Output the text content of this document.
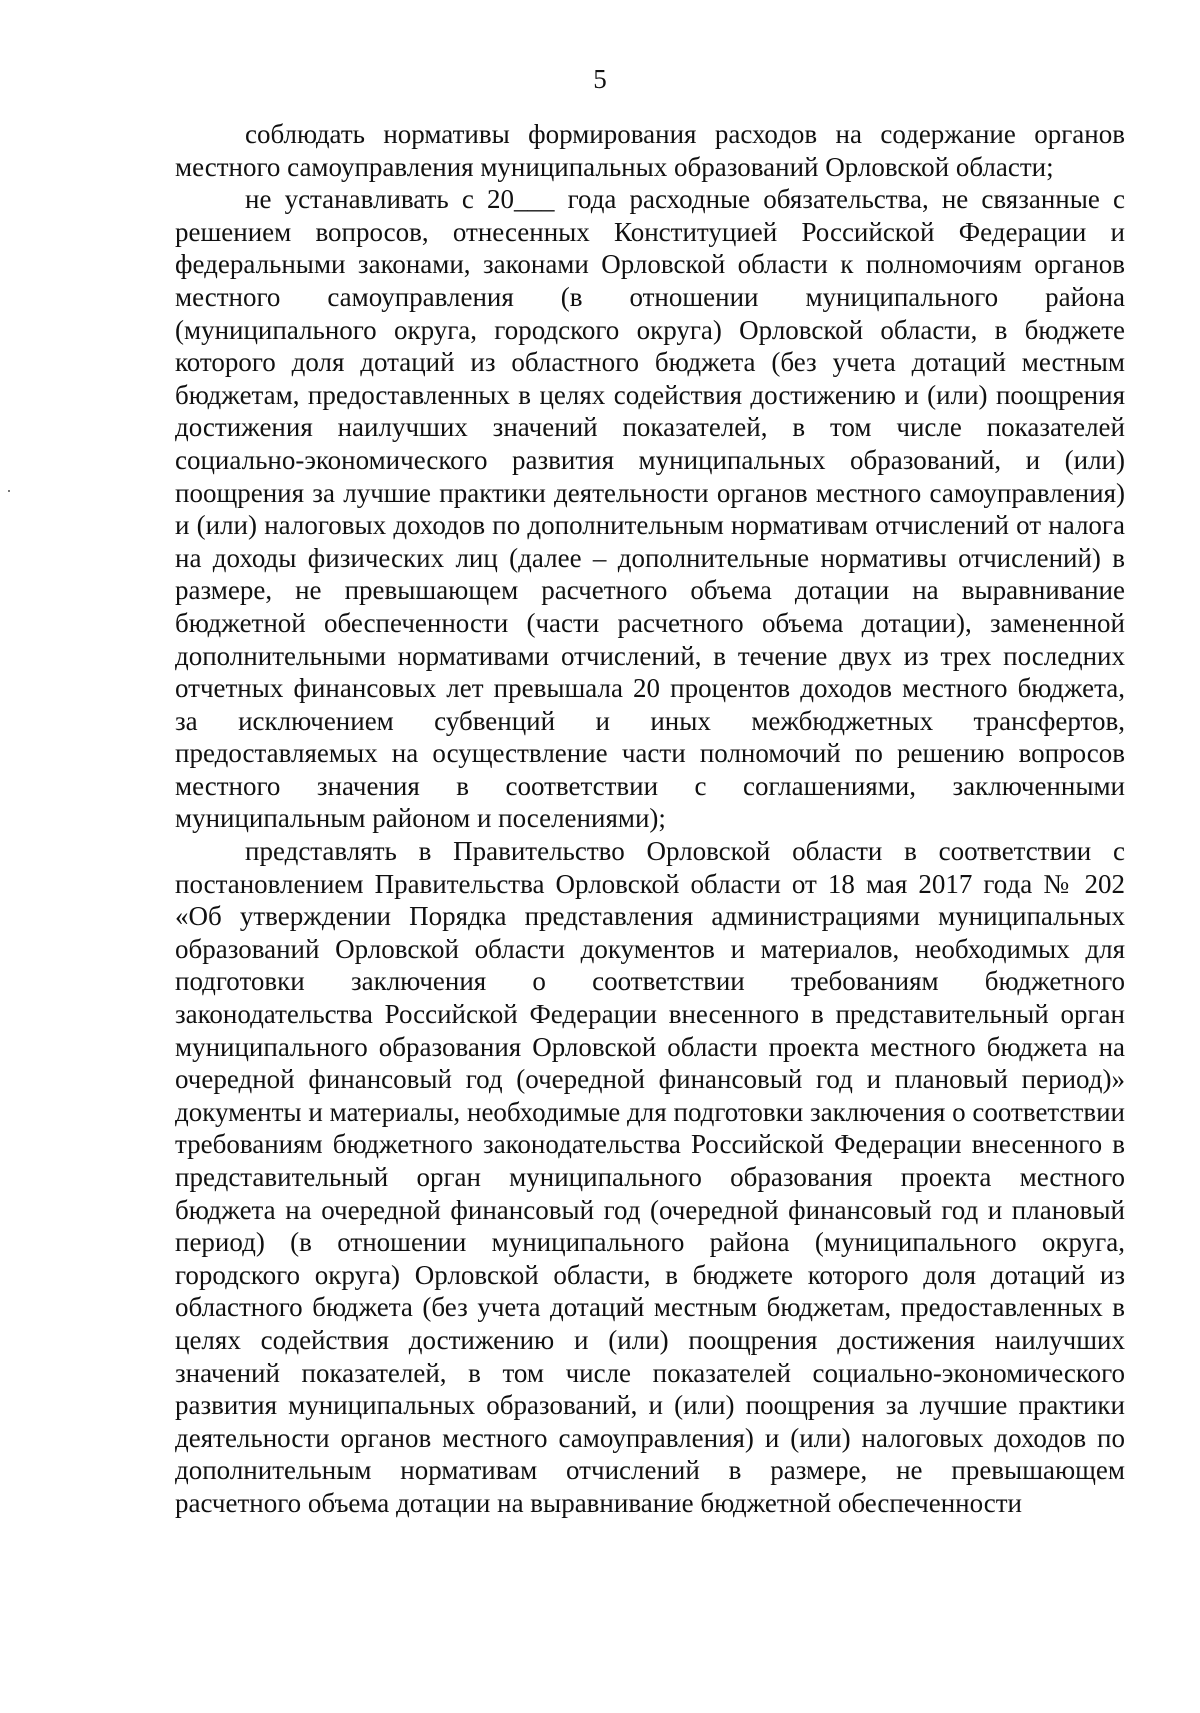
5

соблюдать нормативы формирования расходов на содержание органов местного самоуправления муниципальных образований Орловской области;

не устанавливать с 20___ года расходные обязательства, не связанные с решением вопросов, отнесенных Конституцией Российской Федерации и федеральными законами, законами Орловской области к полномочиям органов местного самоуправления (в отношении муниципального района (муниципального округа, городского округа) Орловской области, в бюджете которого доля дотаций из областного бюджета (без учета дотаций местным бюджетам, предоставленных в целях содействия достижению и (или) поощрения достижения наилучших значений показателей, в том числе показателей социально-экономического развития муниципальных образований, и (или) поощрения за лучшие практики деятельности органов местного самоуправления) и (или) налоговых доходов по дополнительным нормативам отчислений от налога на доходы физических лиц (далее – дополнительные нормативы отчислений) в размере, не превышающем расчетного объема дотации на выравнивание бюджетной обеспеченности (части расчетного объема дотации), замененной дополнительными нормативами отчислений, в течение двух из трех последних отчетных финансовых лет превышала 20 процентов доходов местного бюджета, за исключением субвенций и иных межбюджетных трансфертов, предоставляемых на осуществление части полномочий по решению вопросов местного значения в соответствии с соглашениями, заключенными муниципальным районом и поселениями);

представлять в Правительство Орловской области в соответствии с постановлением Правительства Орловской области от 18 мая 2017 года № 202 «Об утверждении Порядка представления администрациями муниципальных образований Орловской области документов и материалов, необходимых для подготовки заключения о соответствии требованиям бюджетного законодательства Российской Федерации внесенного в представительный орган муниципального образования Орловской области проекта местного бюджета на очередной финансовый год (очередной финансовый год и плановый период)» документы и материалы, необходимые для подготовки заключения о соответствии требованиям бюджетного законодательства Российской Федерации внесенного в представительный орган муниципального образования проекта местного бюджета на очередной финансовый год (очередной финансовый год и плановый период) (в отношении муниципального района (муниципального округа, городского округа) Орловской области, в бюджете которого доля дотаций из областного бюджета (без учета дотаций местным бюджетам, предоставленных в целях содействия достижению и (или) поощрения достижения наилучших значений показателей, в том числе показателей социально-экономического развития муниципальных образований, и (или) поощрения за лучшие практики деятельности органов местного самоуправления) и (или) налоговых доходов по дополнительным нормативам отчислений в размере, не превышающем расчетного объема дотации на выравнивание бюджетной обеспеченности
